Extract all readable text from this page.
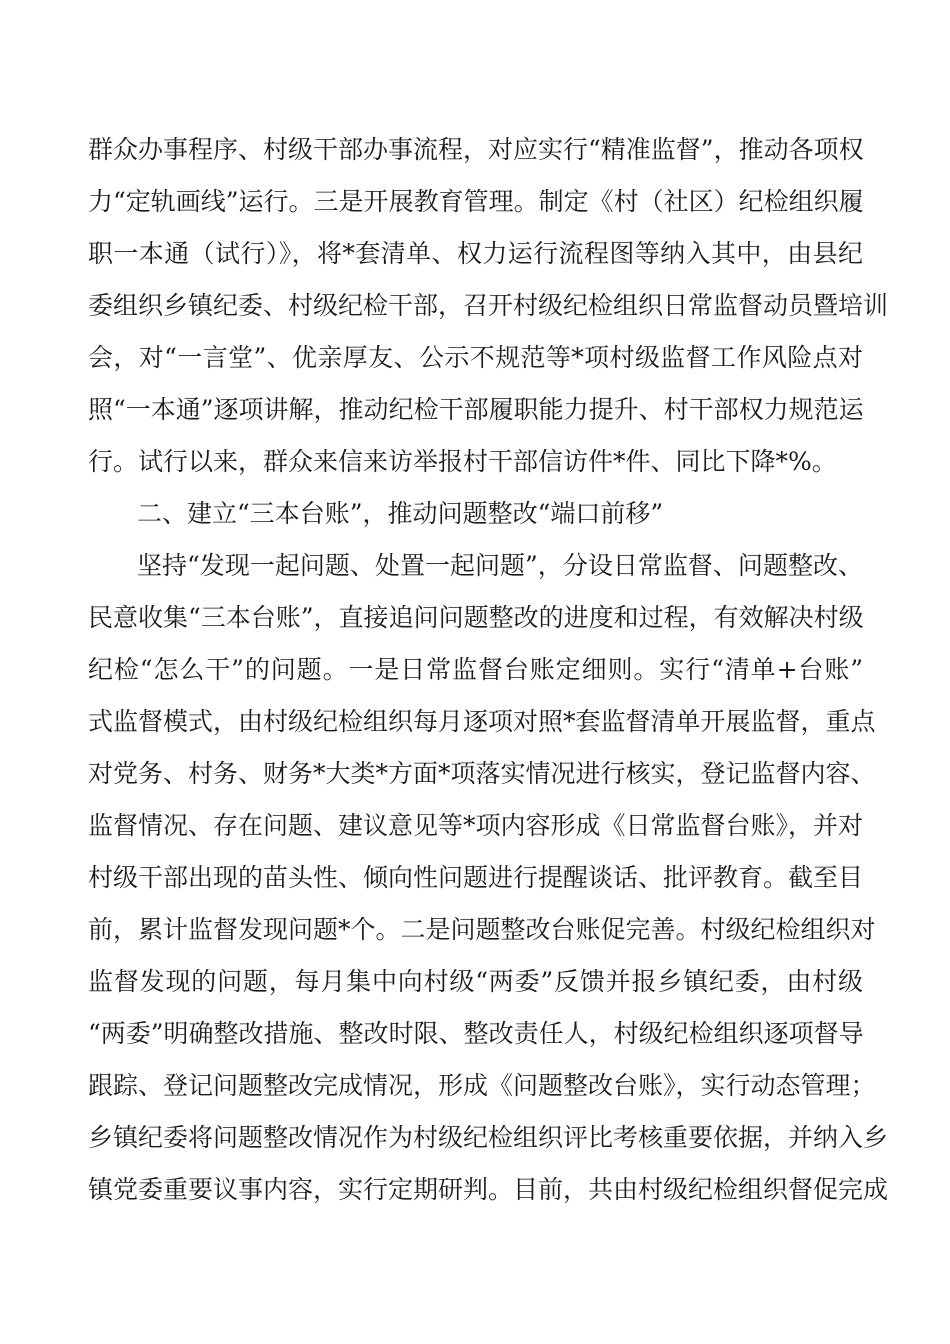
群众办事程序、村级干部办事流程，对应实行“精准监督”，推动各项权
力“定轨画线”运行。三是开展教育管理。制定《村（社区）纪检组织履
职一本通（试行）》，将*套清单、权力运行流程图等纳入其中，由县纪
委组织乡镇纪委、村级纪检干部，召开村级纪检组织日常监督动员暨培训
会，对“一言堂”、优亲厚友、公示不规范等*项村级监督工作风险点对
照“一本通”逐项讲解，推动纪检干部履职能力提升、村干部权力规范运
行。试行以来，群众来信来访举报村干部信访件*件、同比下降*%。
二、建立“三本台账”，推动问题整改“端口前移”
坚持“发现一起问题、处置一起问题”，分设日常监督、问题整改、
民意收集“三本台账”，直接追问问题整改的进度和过程，有效解决村级
纪检“怎么干”的问题。一是日常监督台账定细则。实行“清单+台账”
式监督模式，由村级纪检组织每月逐项对照*套监督清单开展监督，重点
对党务、村务、财务*大类*方面*项落实情况进行核实，登记监督内容、
监督情况、存在问题、建议意见等*项内容形成《日常监督台账》，并对
村级干部出现的苗头性、倾向性问题进行提醒谈话、批评教育。截至目
前，累计监督发现问题*个。二是问题整改台账促完善。村级纪检组织对
监督发现的问题，每月集中向村级“两委”反馈并报乡镇纪委，由村级
“两委”明确整改措施、整改时限、整改责任人，村级纪检组织逐项督导
跟踪、登记问题整改完成情况，形成《问题整改台账》，实行动态管理；
乡镇纪委将问题整改情况作为村级纪检组织评比考核重要依据，并纳入乡
镇党委重要议事内容，实行定期研判。目前，共由村级纪检组织督促完成
